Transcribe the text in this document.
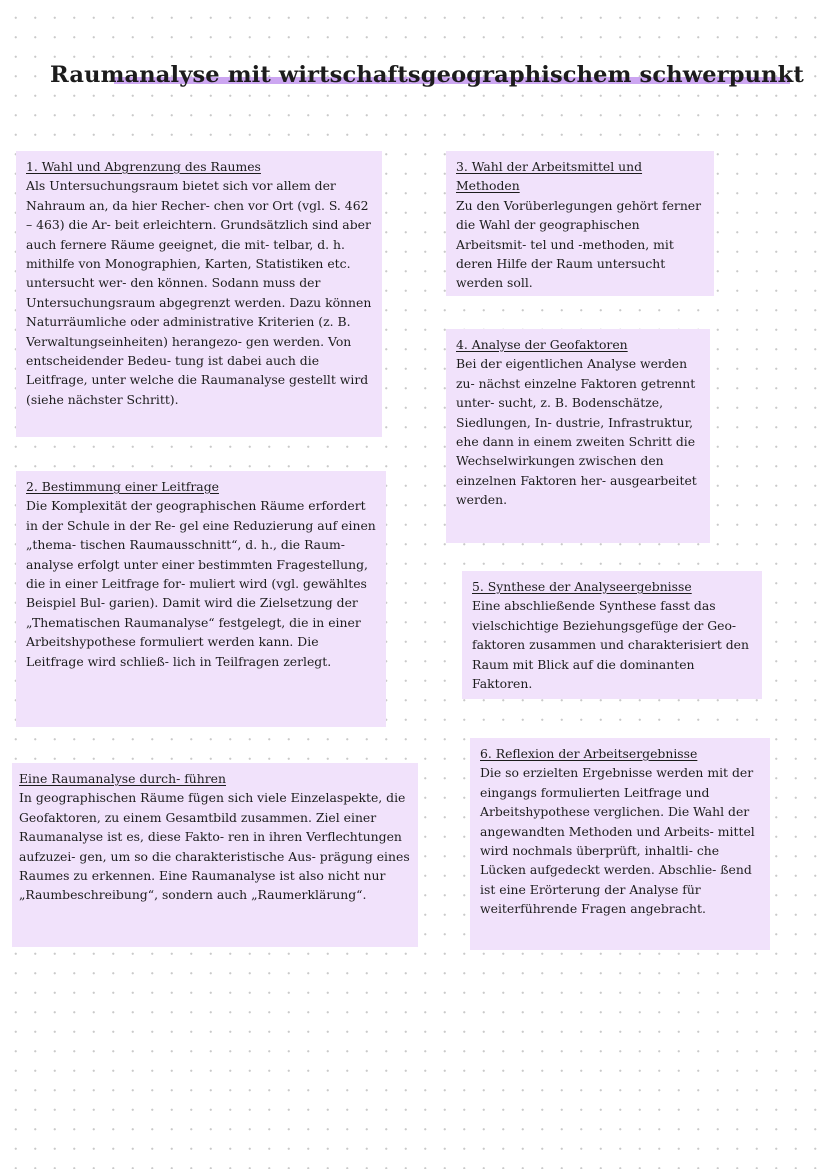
Raumanalyse mit wirtschaftsgeographischem schwerpunkt
1. Wahl und Abgrenzung des Raumes

Als Untersuchungsraum bietet sich vor allem der Nahraum an, da hier Recher- chen vor Ort (vgl. S. 462 – 463) die Ar- beit erleichtern. Grundsätzlich sind aber auch fernere Räume geeignet, die mit- telbar, d. h. mithilfe von Monographien, Karten, Statistiken etc. untersucht wer- den können. Sodann muss der Untersuchungsraum abgegrenzt werden. Dazu können Naturräumliche oder administrative Kriterien (z. B. Verwaltungseinheiten) herangezo- gen werden. Von entscheidender Bedeu- tung ist dabei auch die Leitfrage, unter welche die Raumanalyse gestellt wird (siehe nächster Schritt).

2. Bestimmung einer Leitfrage

Die Komplexität der geographischen Räume erfordert in der Schule in der Re- gel eine Reduzierung auf einen „thema- tischen Raumausschnitt“, d. h., die Raum- analyse erfolgt unter einer bestimmten Fragestellung, die in einer Leitfrage for- muliert wird (vgl. gewähltes Beispiel Bul- garien). Damit wird die Zielsetzung der „Thematischen Raumanalyse“ festgelegt, die in einer Arbeitshypothese formuliert werden kann. Die Leitfrage wird schließ- lich in Teilfragen zerlegt.

Eine Raumanalyse durch- führen

In geographischen Räume fügen sich viele Einzelaspekte, die Geofaktoren, zu einem Gesamtbild zusammen. Ziel einer Raumanalyse ist es, diese Fakto- ren in ihren Verflechtungen aufzuzei- gen, um so die charakteristische Aus- prägung eines Raumes zu erkennen. Eine Raumanalyse ist also nicht nur „Raumbeschreibung“, sondern auch „Raumerklärung“.

3. Wahl der Arbeitsmittel und Methoden

Zu den Vorüberlegungen gehört ferner die Wahl der geographischen Arbeitsmit- tel und -methoden, mit deren Hilfe der Raum untersucht werden soll.

4. Analyse der Geofaktoren

Bei der eigentlichen Analyse werden zu- nächst einzelne Faktoren getrennt unter- sucht, z. B. Bodenschätze, Siedlungen, In- dustrie, Infrastruktur, ehe dann in einem zweiten Schritt die Wechselwirkungen zwischen den einzelnen Faktoren her- ausgearbeitet werden.

5. Synthese der Analyseergebnisse

Eine abschließende Synthese fasst das vielschichtige Beziehungsgefüge der Geo- faktoren zusammen und charakterisiert den Raum mit Blick auf die dominanten Faktoren.

6. Reflexion der Arbeitsergebnisse

Die so erzielten Ergebnisse werden mit der eingangs formulierten Leitfrage und Arbeitshypothese verglichen. Die Wahl der angewandten Methoden und Arbeits- mittel wird nochmals überprüft, inhaltli- che Lücken aufgedeckt werden. Abschlie- ßend ist eine Erörterung der Analyse für weiterführende Fragen angebracht.
